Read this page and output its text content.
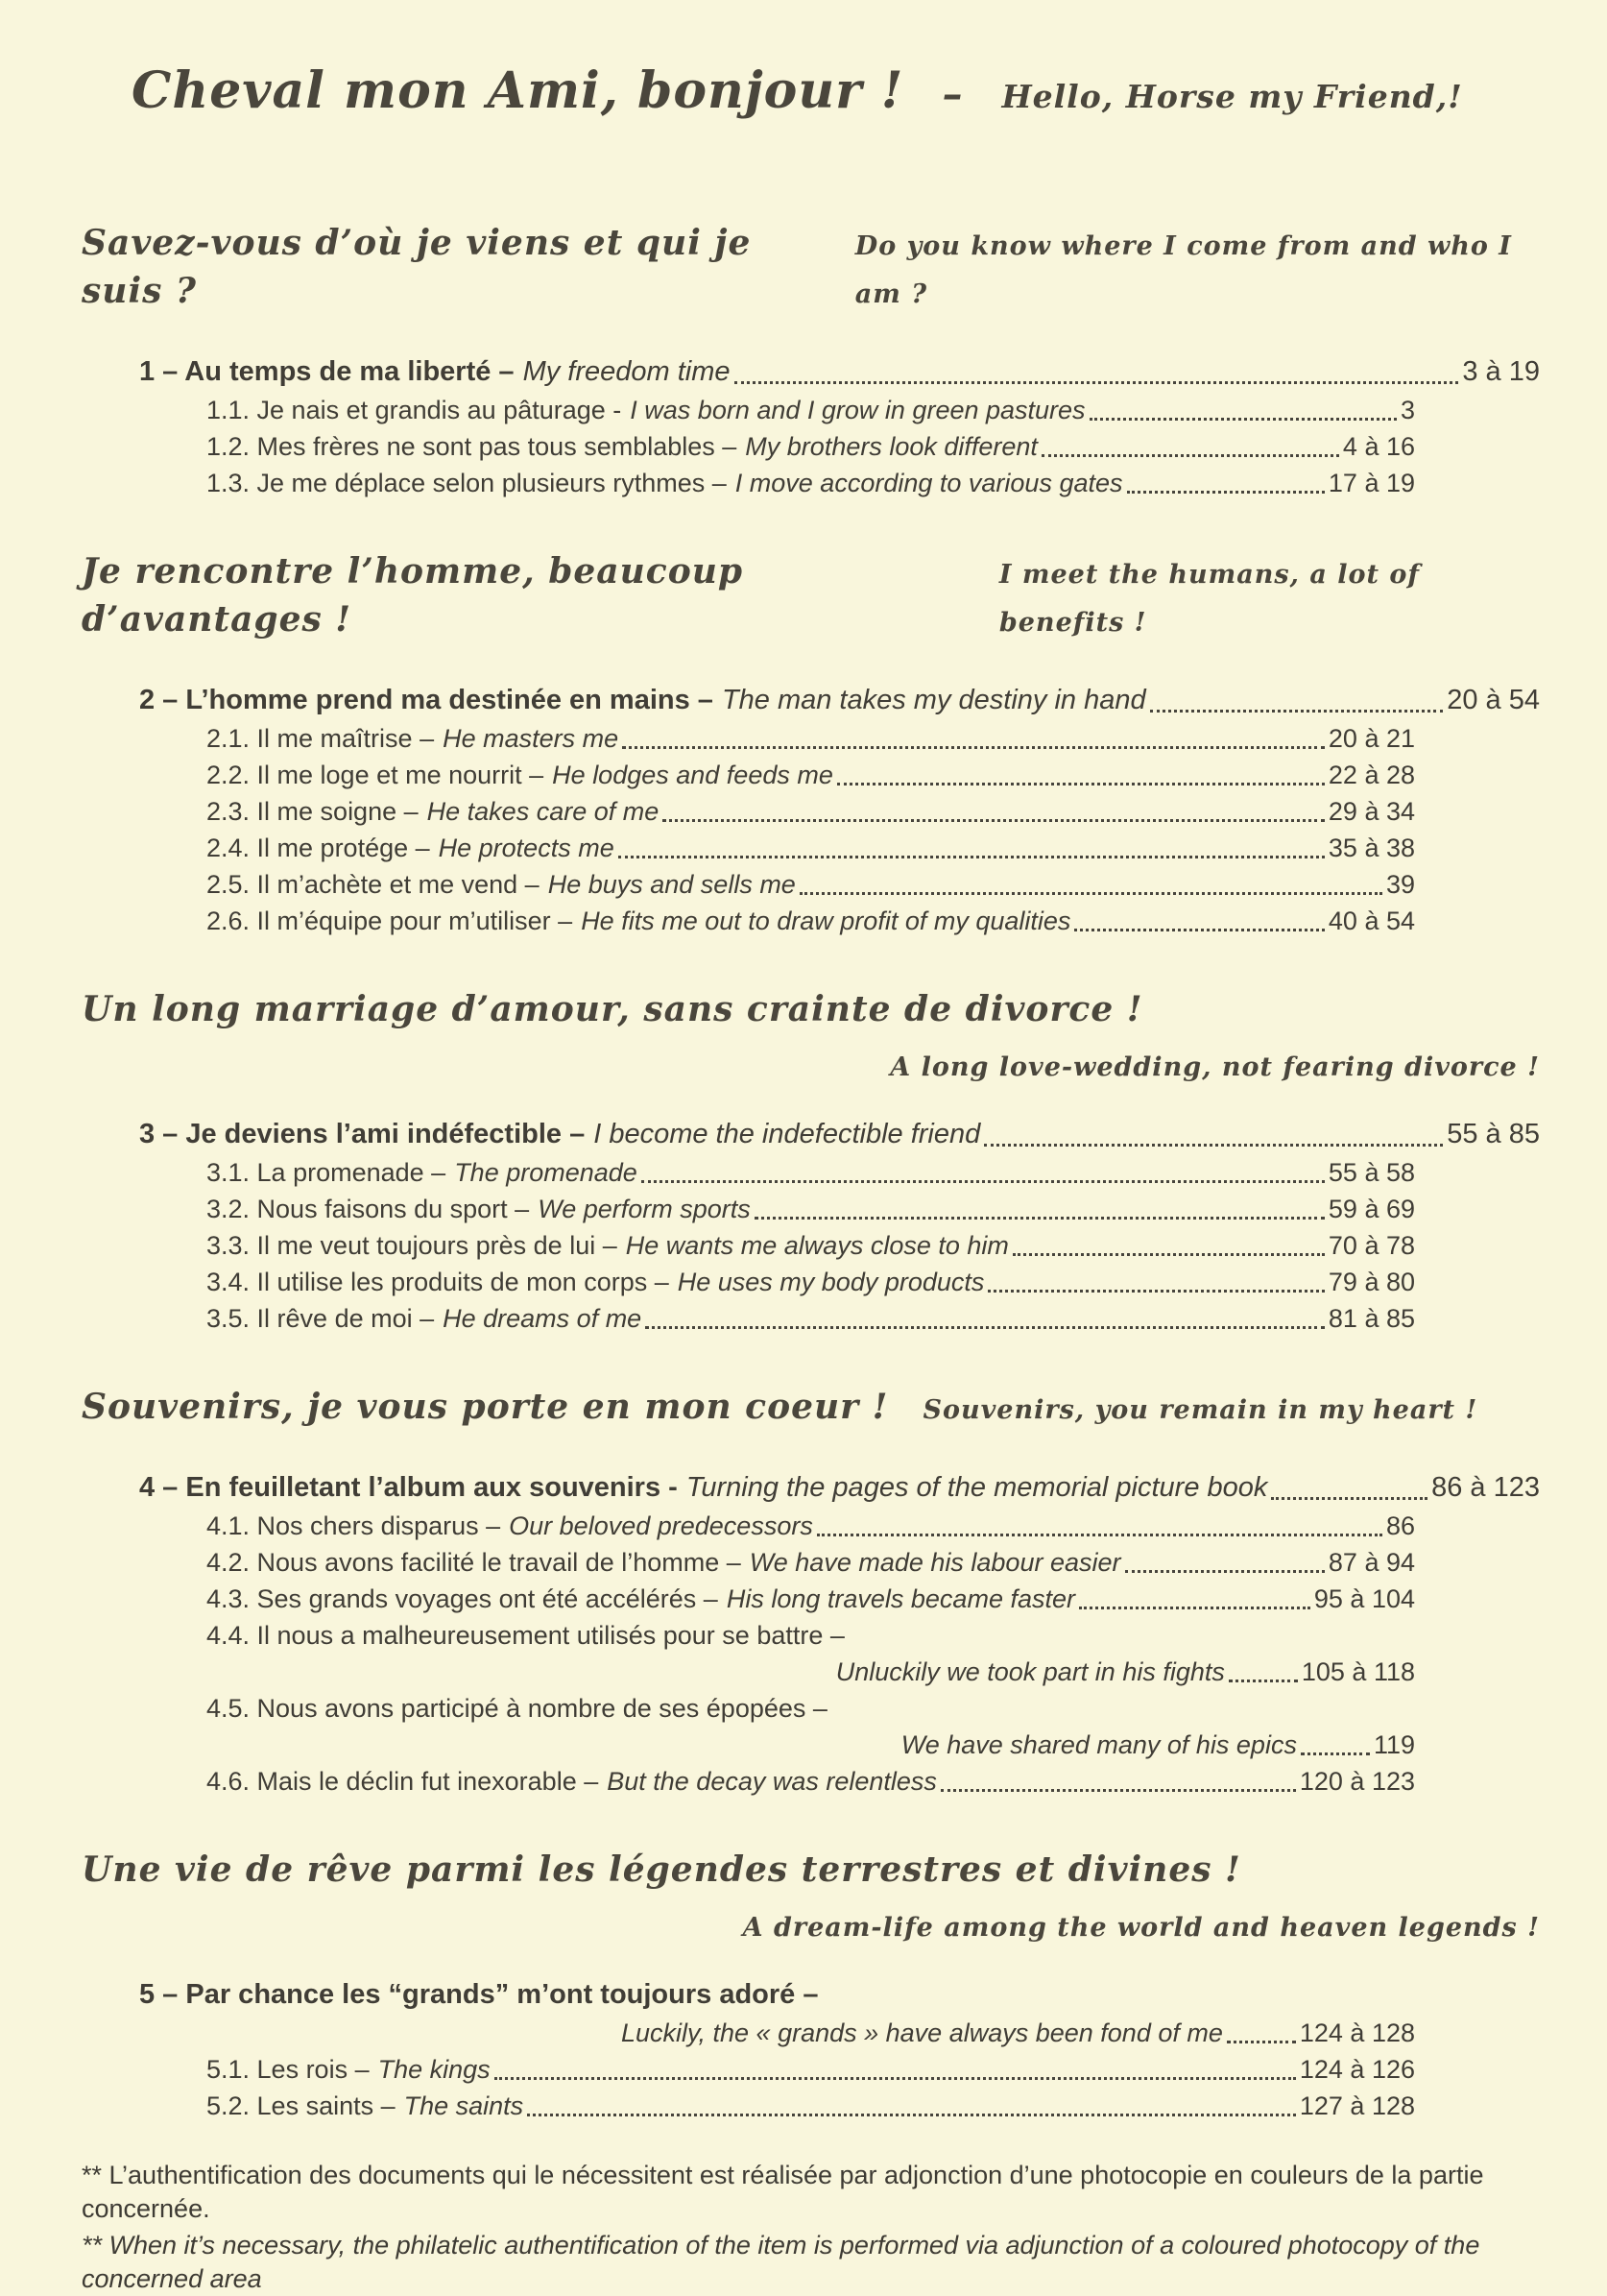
Cheval mon Ami, bonjour ! – Hello, Horse my Friend,!
Savez-vous d’où je viens et qui je suis ?
Do you know where I come from and who I am ?
1 – Au temps de ma liberté – My freedom time	3 à 19
1.1. Je nais et grandis au pâturage - I was born and I grow in green pastures	3
1.2. Mes frères ne sont pas tous semblables – My brothers look different	4 à 16
1.3. Je me déplace selon plusieurs rythmes – I move according to various gates	17 à 19
Je rencontre l’homme, beaucoup d’avantages !
I meet the humans, a lot of benefits !
2 – L’homme prend ma destinée en mains – The man takes my destiny in hand	20 à 54
2.1. Il me maîtrise – He masters me	20 à 21
2.2. Il me loge et me nourrit – He lodges and feeds me	22 à 28
2.3. Il me soigne – He takes care of me	29 à 34
2.4. Il me protége – He protects me	35 à 38
2.5. Il m’achète et me vend – He buys and sells me	39
2.6. Il m’équipe pour m’utiliser – He fits me out to draw profit of my qualities	40 à 54
Un long marriage d’amour, sans crainte de divorce !
A long love-wedding, not fearing divorce !
3 – Je deviens l’ami indéfectible – I become the indefectible friend	55 à 85
3.1. La promenade – The promenade	55 à 58
3.2. Nous faisons du sport – We perform sports	59 à 69
3.3. Il me veut toujours près de lui – He wants me always close to him	70 à 78
3.4. Il utilise les produits de mon corps – He uses my body products	79 à 80
3.5. Il rêve de moi – He dreams of me	81 à 85
Souvenirs, je vous porte en mon coeur ! Souvenirs, you remain in my heart !
4 – En feuilletant l’album aux souvenirs - Turning the pages of the memorial picture book	86 à 123
4.1. Nos chers disparus – Our beloved predecessors	86
4.2. Nous avons facilité le travail de l’homme – We have made his labour easier	87 à 94
4.3. Ses grands voyages ont été accélérés – His long travels became faster	95 à 104
4.4. Il nous a malheureusement utilisés pour se battre –
Unluckily we took part in his fights	105 à 118
4.5. Nous avons participé à nombre de ses épopées –
We have shared many of his epics	119
4.6. Mais le déclin fut inexorable – But the decay was relentless	120 à 123
Une vie de rêve parmi les légendes terrestres et divines !
A dream-life among the world and heaven legends !
5 – Par chance les “grands” m’ont toujours adoré –
Luckily, the « grands » have always been fond of me	124 à 128
5.1. Les rois – The kings	124 à 126
5.2. Les saints – The saints	127 à 128

** L’authentification des documents qui le nécessitent est réalisée par adjonction d’une photocopie en couleurs de la partie concernée.

** When it’s necessary, the philatelic authentification of the item is performed via adjunction of a coloured photocopy of the concerned area
